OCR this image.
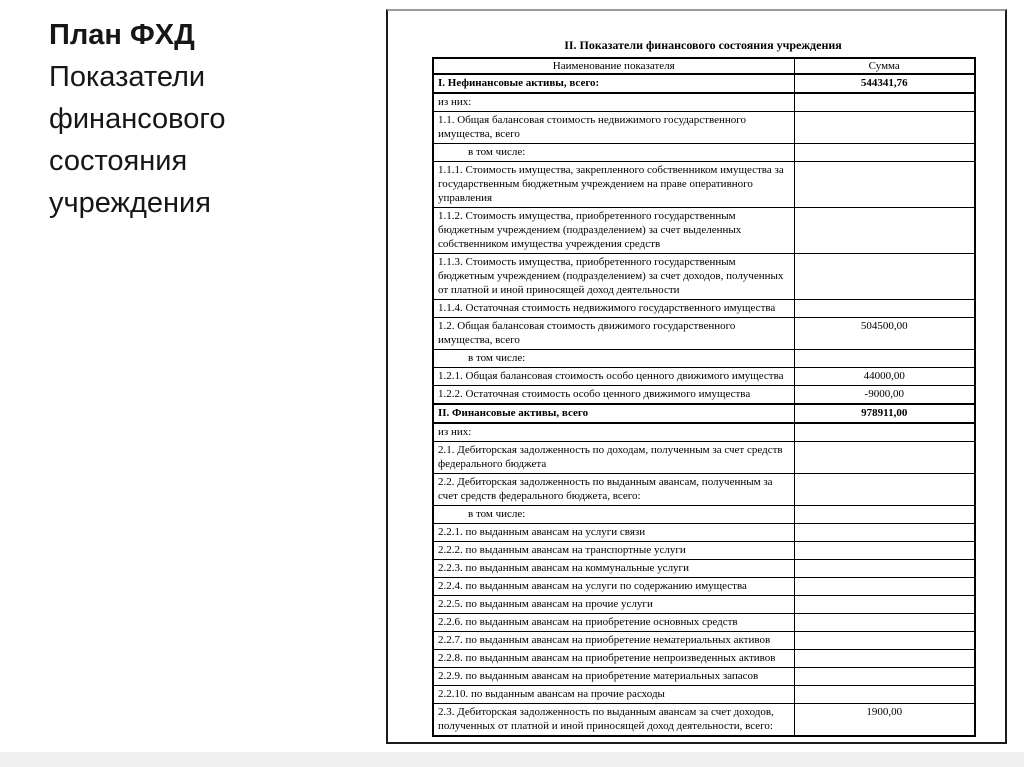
План ФХД
Показатели
финансового
состояния
учреждения
II. Показатели финансового состояния учреждения
Наименование показателя	Сумма
I. Нефинансовые активы, всего:	544341,76
из них:	
1.1. Общая балансовая стоимость недвижимого государственного имущества, всего	
в том числе:	
1.1.1. Стоимость имущества, закрепленного собственником имущества за государственным бюджетным учреждением на праве оперативного управления	
1.1.2. Стоимость имущества, приобретенного государственным бюджетным учреждением (подразделением) за счет выделенных собственником имущества учреждения средств	
1.1.3. Стоимость имущества, приобретенного государственным бюджетным учреждением (подразделением) за счет доходов, полученных от платной и иной приносящей доход деятельности	
1.1.4. Остаточная стоимость недвижимого государственного имущества	
1.2. Общая балансовая стоимость движимого государственного имущества, всего	504500,00
в том числе:	
1.2.1. Общая балансовая стоимость особо ценного движимого имущества	44000,00
1.2.2. Остаточная стоимость особо ценного движимого имущества	-9000,00
II. Финансовые активы, всего	978911,00
из них:	
2.1. Дебиторская задолженность по доходам, полученным за счет средств федерального бюджета	
2.2. Дебиторская задолженность по выданным авансам, полученным за счет средств федерального бюджета, всего:	
в том числе:	
2.2.1. по выданным авансам на услуги связи	
2.2.2. по выданным авансам на транспортные услуги	
2.2.3. по выданным авансам на коммунальные услуги	
2.2.4. по выданным авансам на услуги по содержанию имущества	
2.2.5. по выданным авансам на прочие услуги	
2.2.6. по выданным авансам на приобретение основных средств	
2.2.7. по выданным авансам на приобретение нематериальных активов	
2.2.8. по выданным авансам на приобретение непроизведенных активов	
2.2.9. по выданным авансам на приобретение материальных запасов	
2.2.10. по выданным авансам на прочие расходы	
2.3. Дебиторская задолженность по выданным авансам за счет доходов, полученных от платной и иной приносящей доход деятельности, всего:	1900,00
